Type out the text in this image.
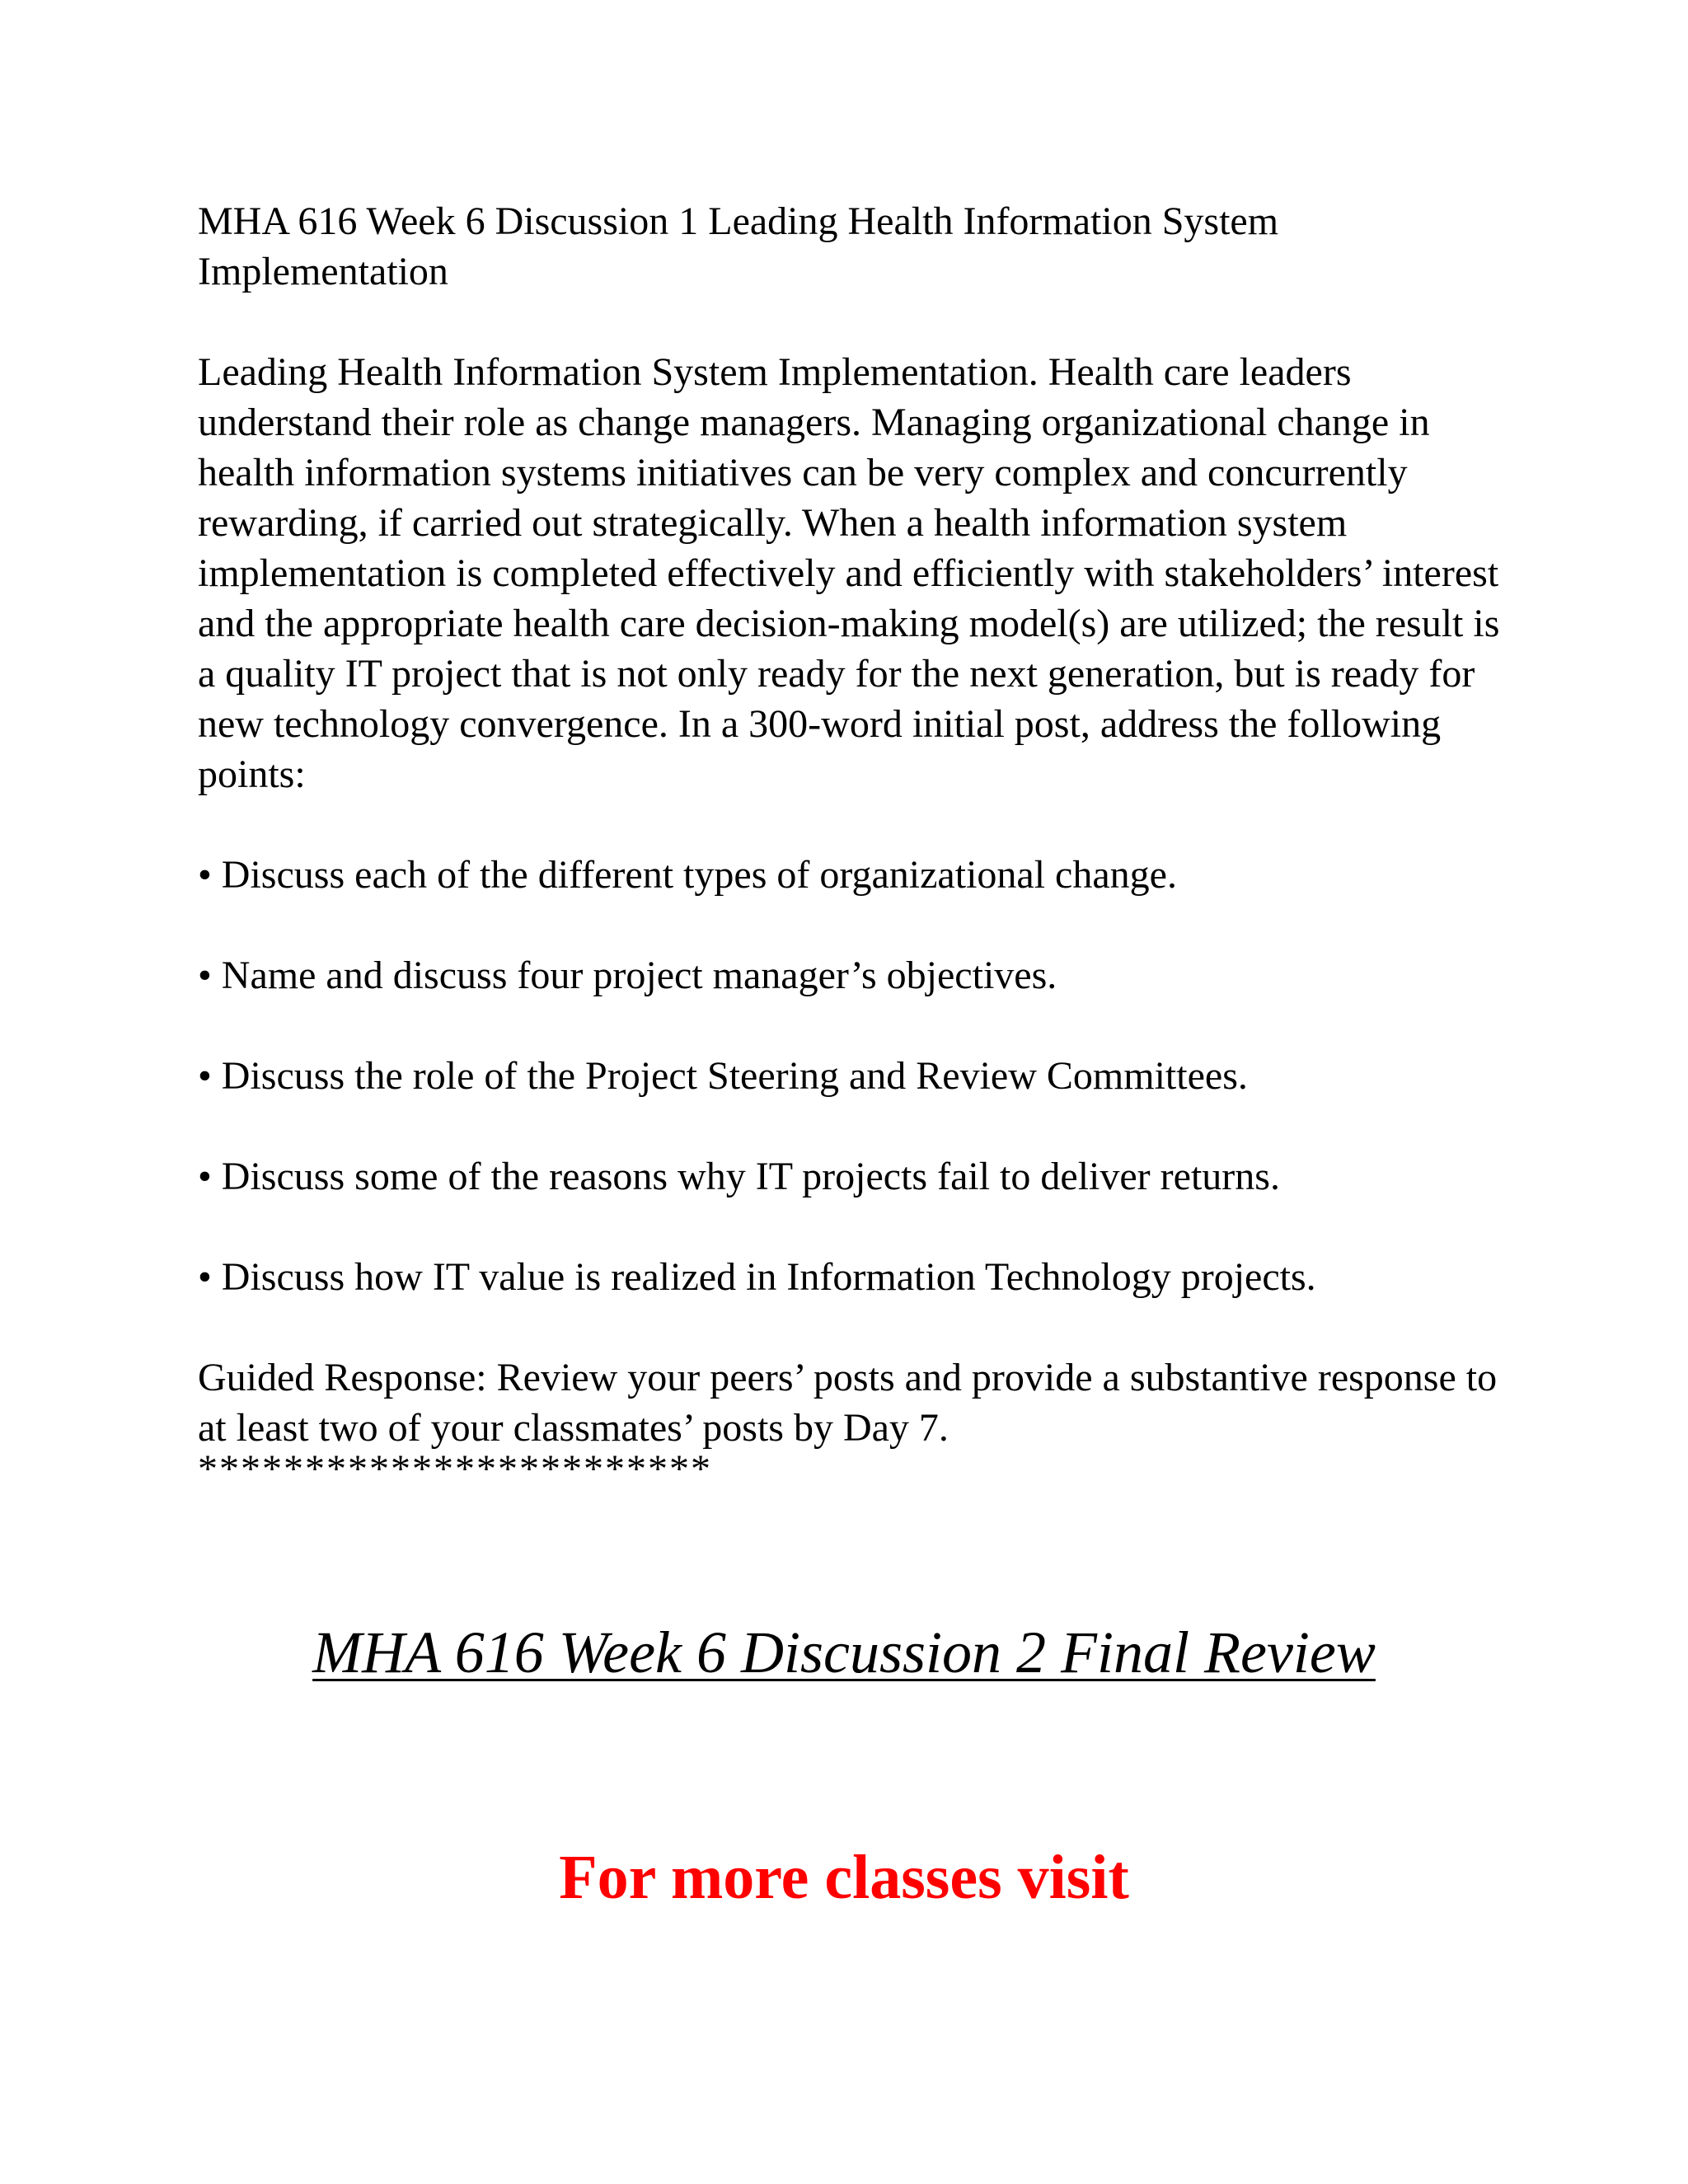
MHA 616 Week 6 Discussion 1 Leading Health Information System Implementation

Leading Health Information System Implementation. Health care leaders understand their role as change managers. Managing organizational change in health information systems initiatives can be very complex and concurrently rewarding, if carried out strategically. When a health information system implementation is completed effectively and efficiently with stakeholders’ interest and the appropriate health care decision-making model(s) are utilized; the result is a quality IT project that is not only ready for the next generation, but is ready for new technology convergence. In a 300-word initial post, address the following points:

• Discuss each of the different types of organizational change.

• Name and discuss four project manager’s objectives.

• Discuss the role of the Project Steering and Review Committees.

• Discuss some of the reasons why IT projects fail to deliver returns.

• Discuss how IT value is realized in Information Technology projects.

Guided Response: Review your peers’ posts and provide a substantive response to at least two of your classmates’ posts by Day 7.

************************

MHA 616 Week 6 Discussion 2 Final Review

For more classes visit
